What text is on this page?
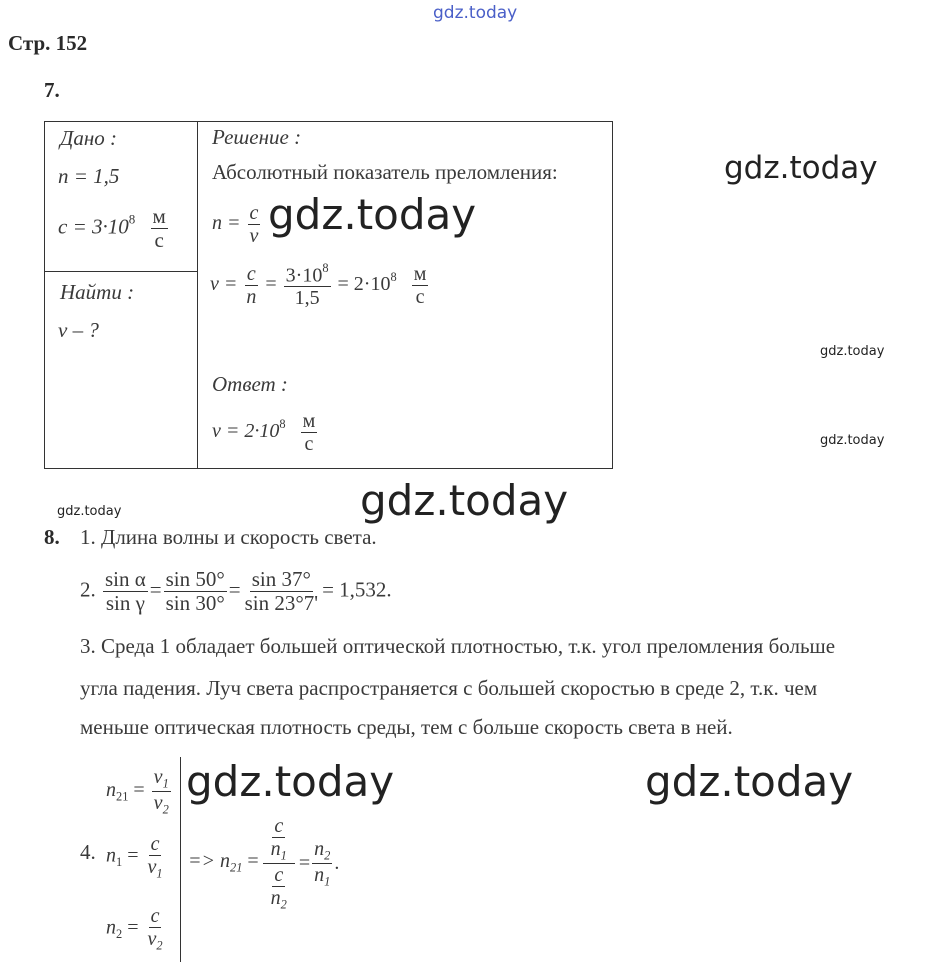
gdz.today
gdz.today
gdz.today
gdz.today
gdz.today
gdz.today
gdz.today
gdz.today	gdz.today
Стр. 152
7.
Дано :
n = 1,5
$c = 3\cdot 10^8 \frac{м}{с}$
Найти :
v – ?
Решение :
Абсолютный показатель преломления:
$n = \frac{c}{v}$
$v = \frac{c}{n} = \frac{3\cdot 10^8}{1,5} = 2\cdot 10^8 \frac{м}{с}$
Ответ :
$v = 2\cdot 10^8 \frac{м}{с}$
8. 1. Длина волны и скорость света.
2. $\frac{\text{sin α}}{\text{sin γ}} = \frac{\sin 50^\circ}{\sin 30^\circ} = \frac{\sin 37^\circ}{\sin 23^\circ 7'} = 1,532$.
3. Среда 1 обладает большей оптической плотностью, т.к. угол преломления больше
угла падения. Луч света распространяется с большей скоростью в среде 2, т.к. чем
меньше оптическая плотность среды, тем с больше скорость света в ней.
$n_{21} = \frac{v_1}{v_2}$
4. $n_1 = \frac{c}{v_1}$
$n_2 = \frac{c}{v_2}$
=> $n_{21} = \frac{\frac{c}{n_1}}{\frac{c}{n_2}} = \frac{n_2}{n_1}$ .
